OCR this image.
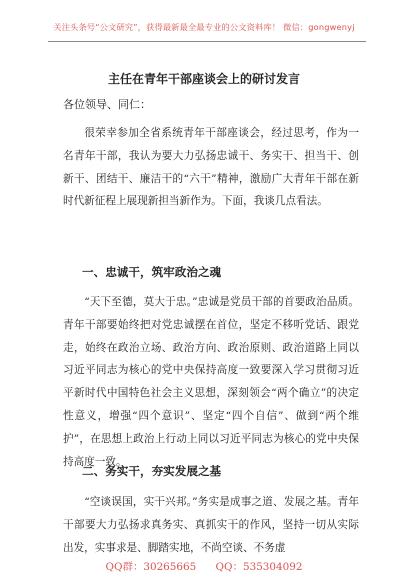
关注头条号“公文研究”，获得最新最全最专业的公文资料库！ 微信：gongwenyj
主任在青年干部座谈会上的研讨发言
各位领导、同仁：

很荣幸参加全省系统青年干部座谈会，经过思考，作为一名青年干部，我认为要大力弘扬忠诚干、务实干、担当干、创新干、团结干、廉洁干的“六干”精神，激励广大青年干部在新时代新征程上展现新担当新作为。下面，我谈几点看法。

一、忠诚干，筑牢政治之魂

“天下至德，莫大于忠。”忠诚是党员干部的首要政治品质。青年干部要始终把对党忠诚摆在首位，坚定不移听党话、跟党走，始终在政治立场、政治方向、政治原则、政治道路上同以习近平同志为核心的党中央保持高度一致要深入学习贯彻习近平新时代中国特色社会主义思想，深刻领会“两个确立”的决定性意义，增强“四个意识”、坚定“四个自信”、做到“两个维护”，在思想上政治上行动上同以习近平同志为核心的党中央保持高度一致。

二、务实干，夯实发展之基

“空谈误国，实干兴邦。”务实是成事之道、发展之基。青年干部要大力弘扬求真务实、真抓实干的作风，坚持一切从实际出发，实事求是、脚踏实地，不尚空谈、不务虚

QQ群：30265665 QQ：535304092
